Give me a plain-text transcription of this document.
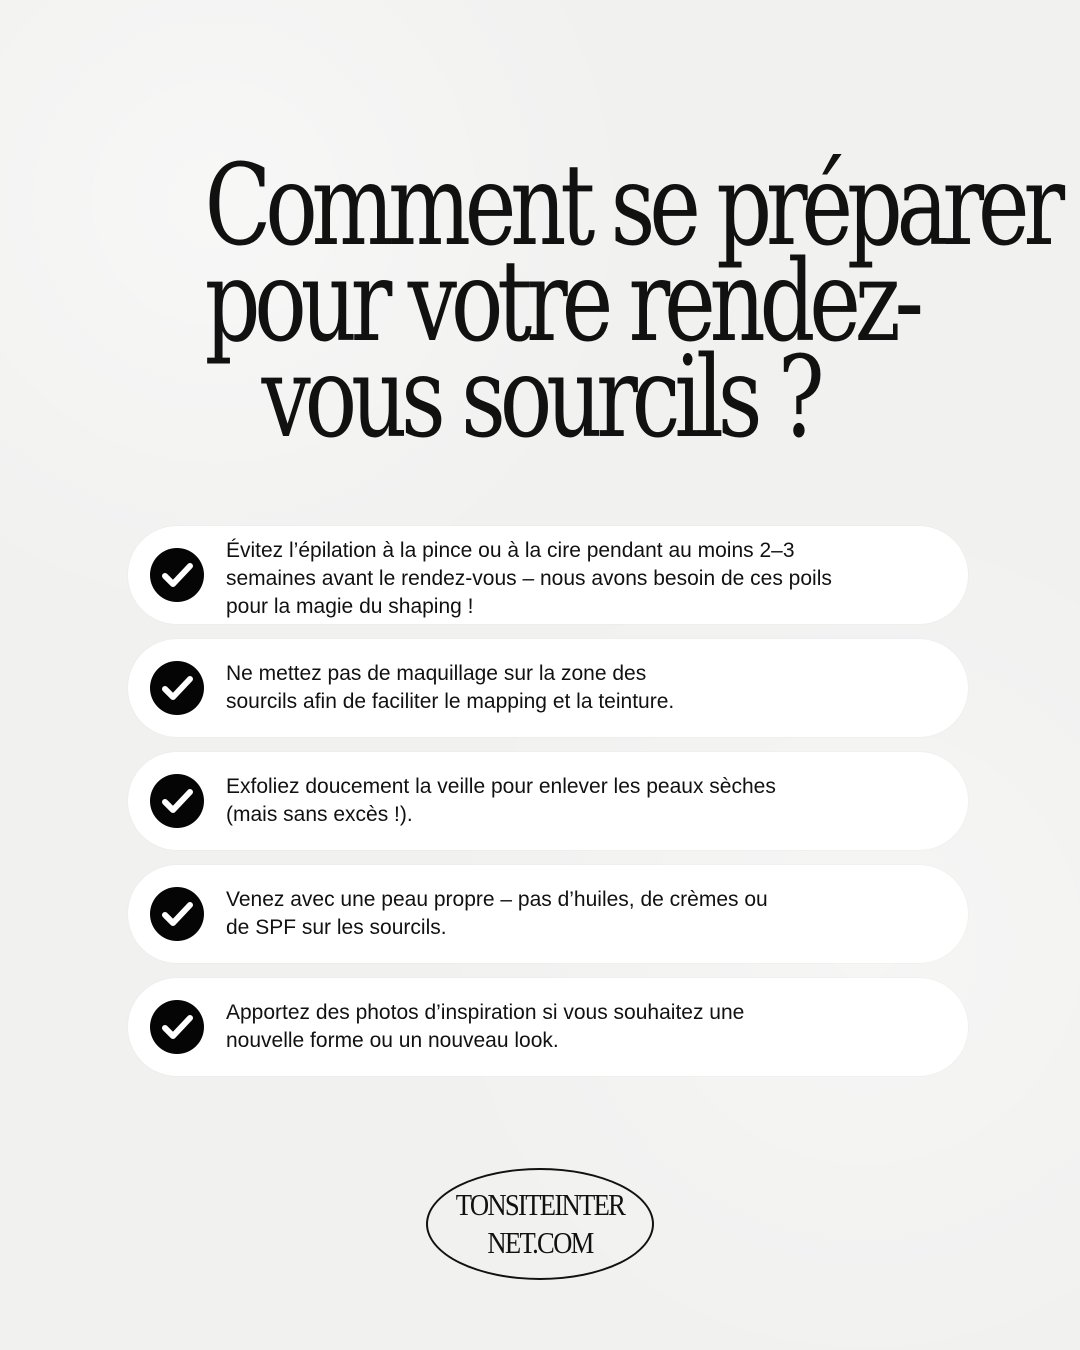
Comment se préparer
pour votre rendez-
vous sourcils ?

Évitez l’épilation à la pince ou à la cire pendant au moins 2–3
semaines avant le rendez-vous – nous avons besoin de ces poils
pour la magie du shaping !

Ne mettez pas de maquillage sur la zone des
sourcils afin de faciliter le mapping et la teinture.

Exfoliez doucement la veille pour enlever les peaux sèches
(mais sans excès !).

Venez avec une peau propre – pas d’huiles, de crèmes ou
de SPF sur les sourcils.

Apportez des photos d’inspiration si vous souhaitez une
nouvelle forme ou un nouveau look.

TONSITEINTER
NET.COM
